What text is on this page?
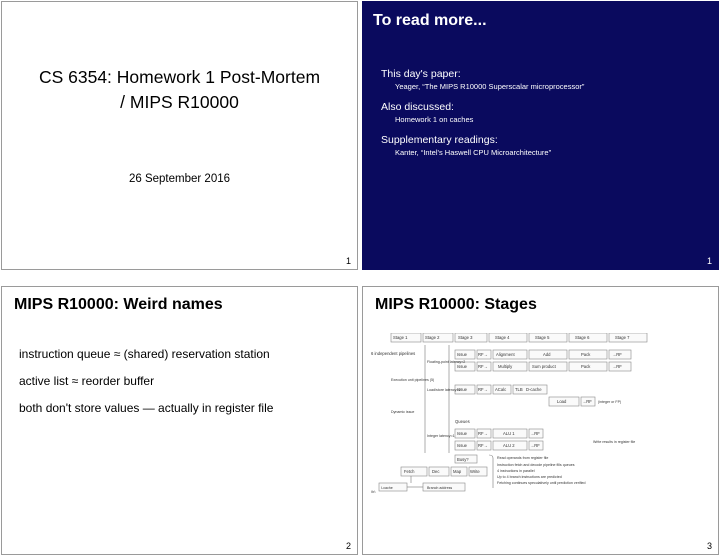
CS 6354: Homework 1 Post-Mortem
/ MIPS R10000
26 September 2016
1
To read more...
This day's paper:
Yeager, “The MIPS R10000 Superscalar microprocessor”
Also discussed:
Homework 1 on caches
Supplementary readings:
Kanter, “Intel's Haswell CPU Microarchitecture”
1
MIPS R10000: Weird names
instruction queue ≈ (shared) reservation station
active list ≈ reorder buffer
both don't store values — actually in register file
2
MIPS R10000: Stages
Stage 1	Stage 2	Stage 3	Stage 4	Stage 5	Stage 6	Stage 7
6 independent pipelines
Floating-point latency=2
Execution unit pipelines (5)
Load/store latency=2
Dynamic issue
Integer latency=1
Issue	RF→ Alignment	Add	Pack	→RF
Issue	RF→ Multiply	Sum product	Pack	→RF
Issue	RF→ ACalc TLB D-cache
Load	→RF (integer or FP)
Queues
Issue	RF→	ALU 1	→RF
Issue	RF→	ALU 2	→RF
Write results in register file
Busy?
Fetch	Dec	Map Write
Read operands from register file
Instruction fetch and decode pipeline fills queues
4 instructions in parallel
Up to 4 branch instructions are predicted
Fetching continues speculatively until prediction verified
I-cache	Branch address
(b)
3
